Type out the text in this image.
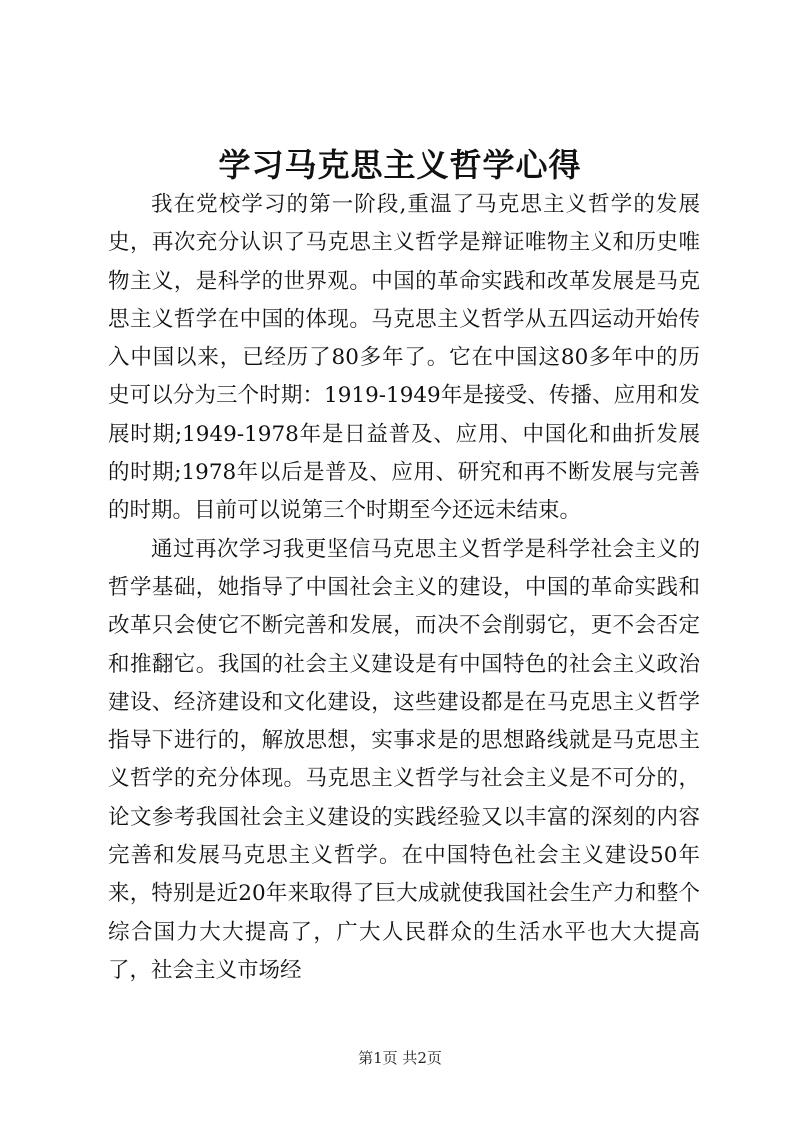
学习马克思主义哲学心得

我在党校学习的第一阶段,重温了马克思主义哲学的发展史，再次充分认识了马克思主义哲学是辩证唯物主义和历史唯物主义，是科学的世界观。中国的革命实践和改革发展是马克思主义哲学在中国的体现。马克思主义哲学从五四运动开始传入中国以来，已经历了80多年了。它在中国这80多年中的历史可以分为三个时期：1919-1949年是接受、传播、应用和发展时期;1949-1978年是日益普及、应用、中国化和曲折发展的时期;1978年以后是普及、应用、研究和再不断发展与完善的时期。目前可以说第三个时期至今还远未结束。

通过再次学习我更坚信马克思主义哲学是科学社会主义的哲学基础，她指导了中国社会主义的建设，中国的革命实践和改革只会使它不断完善和发展，而决不会削弱它，更不会否定和推翻它。我国的社会主义建设是有中国特色的社会主义政治建设、经济建设和文化建设，这些建设都是在马克思主义哲学指导下进行的，解放思想，实事求是的思想路线就是马克思主义哲学的充分体现。马克思主义哲学与社会主义是不可分的，论文参考我国社会主义建设的实践经验又以丰富的深刻的内容完善和发展马克思主义哲学。在中国特色社会主义建设50年来，特别是近20年来取得了巨大成就使我国社会生产力和整个综合国力大大提高了，广大人民群众的生活水平也大大提高了，社会主义市场经

第1页 共2页
